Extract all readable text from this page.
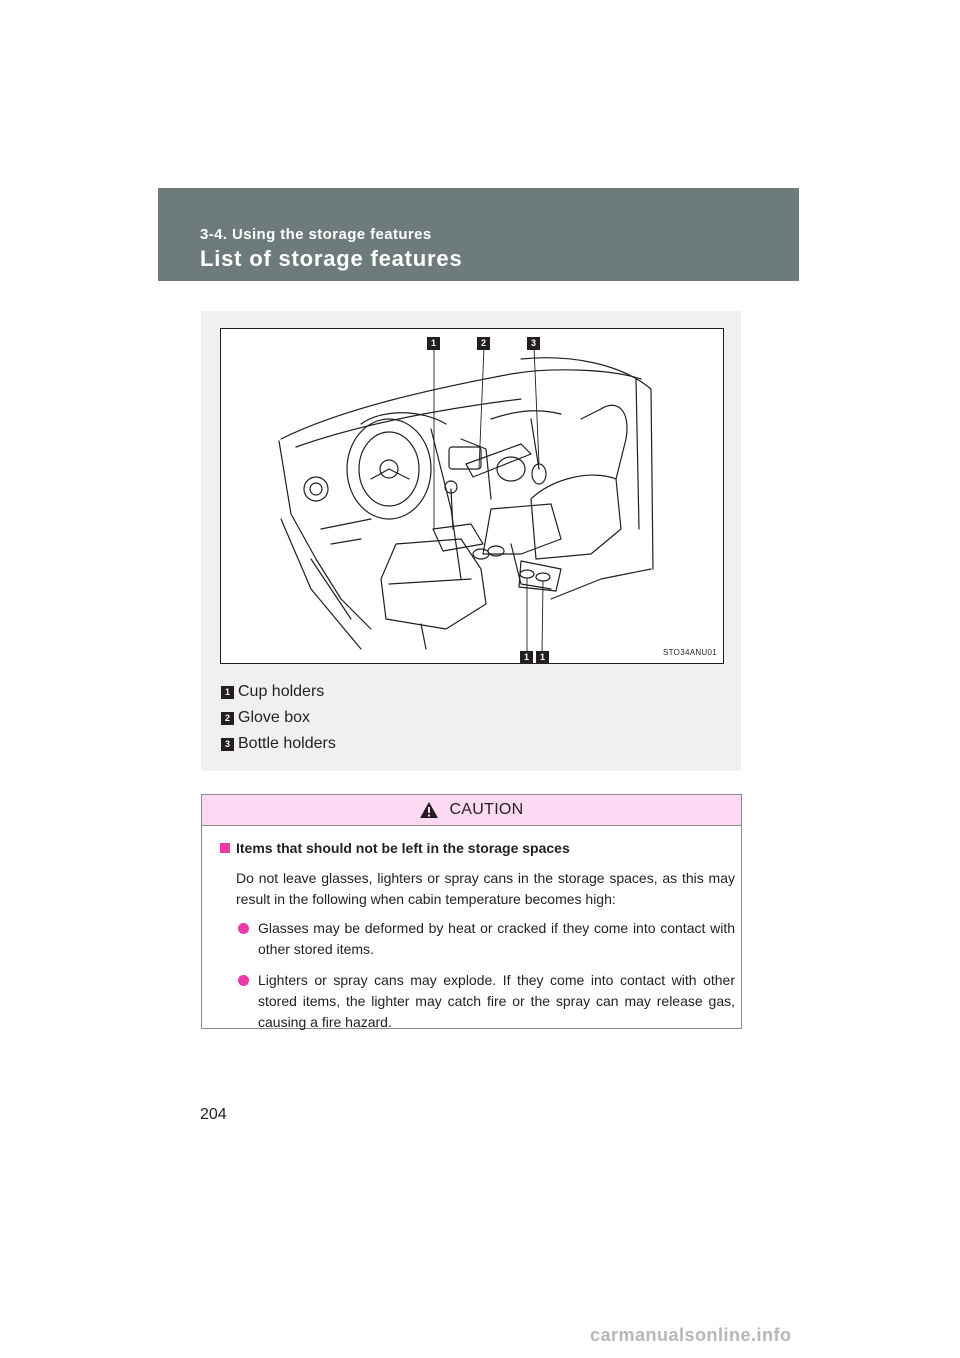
3-4. Using the storage features
List of storage features
1	2	3
1	1	STO34ANU01
1 Cup holders
2 Glove box
3 Bottle holders
CAUTION
Items that should not be left in the storage spaces

Do not leave glasses, lighters or spray cans in the storage spaces, as this may result in the following when cabin temperature becomes high:

Glasses may be deformed by heat or cracked if they come into contact with other stored items.
Lighters or spray cans may explode. If they come into contact with other stored items, the lighter may catch fire or the spray can may release gas, causing a fire hazard.
204
carmanualsonline.info
